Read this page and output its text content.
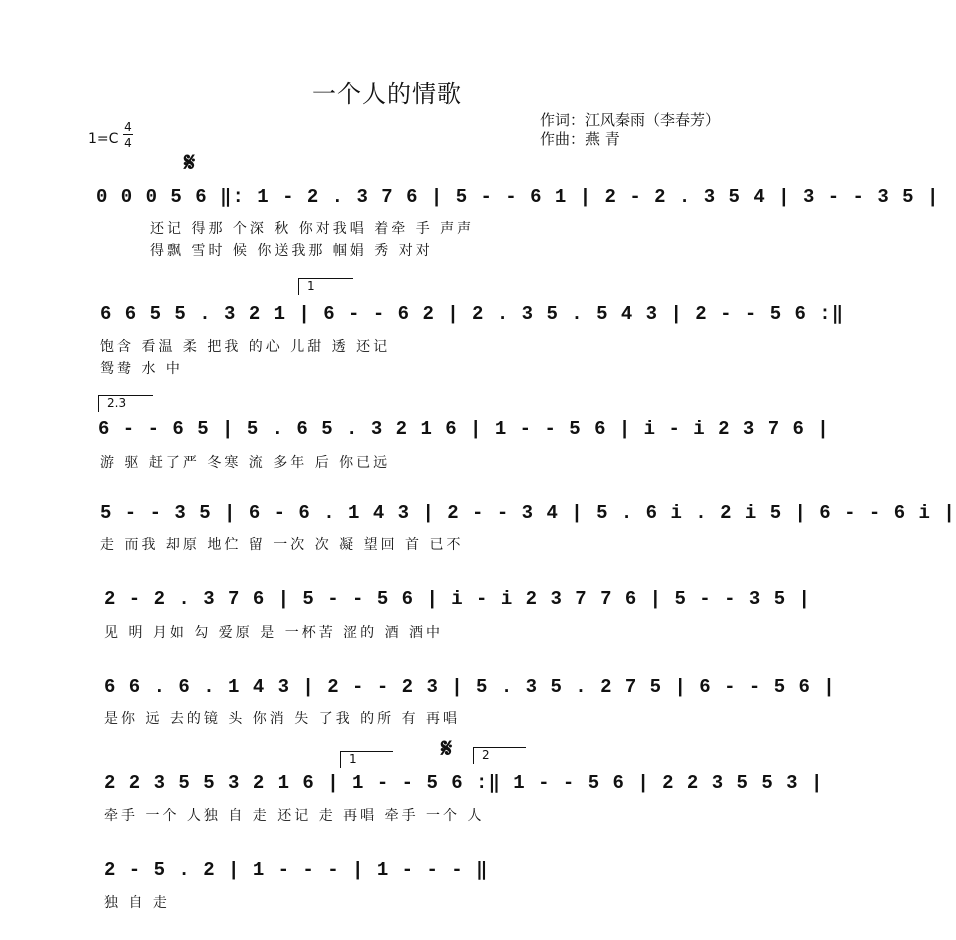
一个人的情歌
作词：江风秦雨（李春芳）
作曲：燕 青
1=C
4
4
𝄋
𝄋
1
2.3
1	2
0 0 0 5 6 ‖: 1 - 2 . 3 7 6 | 5 - - 6 1 | 2 - 2 . 3 5 4 | 3 - - 3 5 |
还记 得那 个深 秋 你对我唱 着牵 手 声声
得飘 雪时 候 你送我那 帼娟 秀 对对
6 6 5 5 . 3 2 1 | 6 - - 6 2 | 2 . 3 5 . 5 4 3 | 2 - - 5 6 :‖
饱含 看温 柔 把我 的心 儿甜 透 还记
鸳鸯 水 中
6 - - 6 5 | 5 . 6 5 . 3 2 1 6 | 1 - - 5 6 | i - i 2 3 7 6 |
游 驱 赶了严 冬寒 流 多年 后 你已远
5 - - 3 5 | 6 - 6 . 1 4 3 | 2 - - 3 4 | 5 . 6 i . 2 i 5 | 6 - - 6 i |
走 而我 却原 地伫 留 一次 次 凝 望回 首 已不
2 - 2 . 3 7 6 | 5 - - 5 6 | i - i 2 3 7 7 6 | 5 - - 3 5 |
见 明 月如 勾 爱原 是 一杯苦 涩的 酒 酒中
6 6 . 6 . 1 4 3 | 2 - - 2 3 | 5 . 3 5 . 2 7 5 | 6 - - 5 6 |
是你 远 去的镜 头 你消 失 了我 的所 有 再唱
2 2 3 5 5 3 2 1 6 | 1 - - 5 6 :‖ 1 - - 5 6 | 2 2 3 5 5 3 |
牵手 一个 人独 自 走 还记 走 再唱 牵手 一个 人
2 - 5 . 2 | 1 - - - | 1 - - - ‖
独 自 走
